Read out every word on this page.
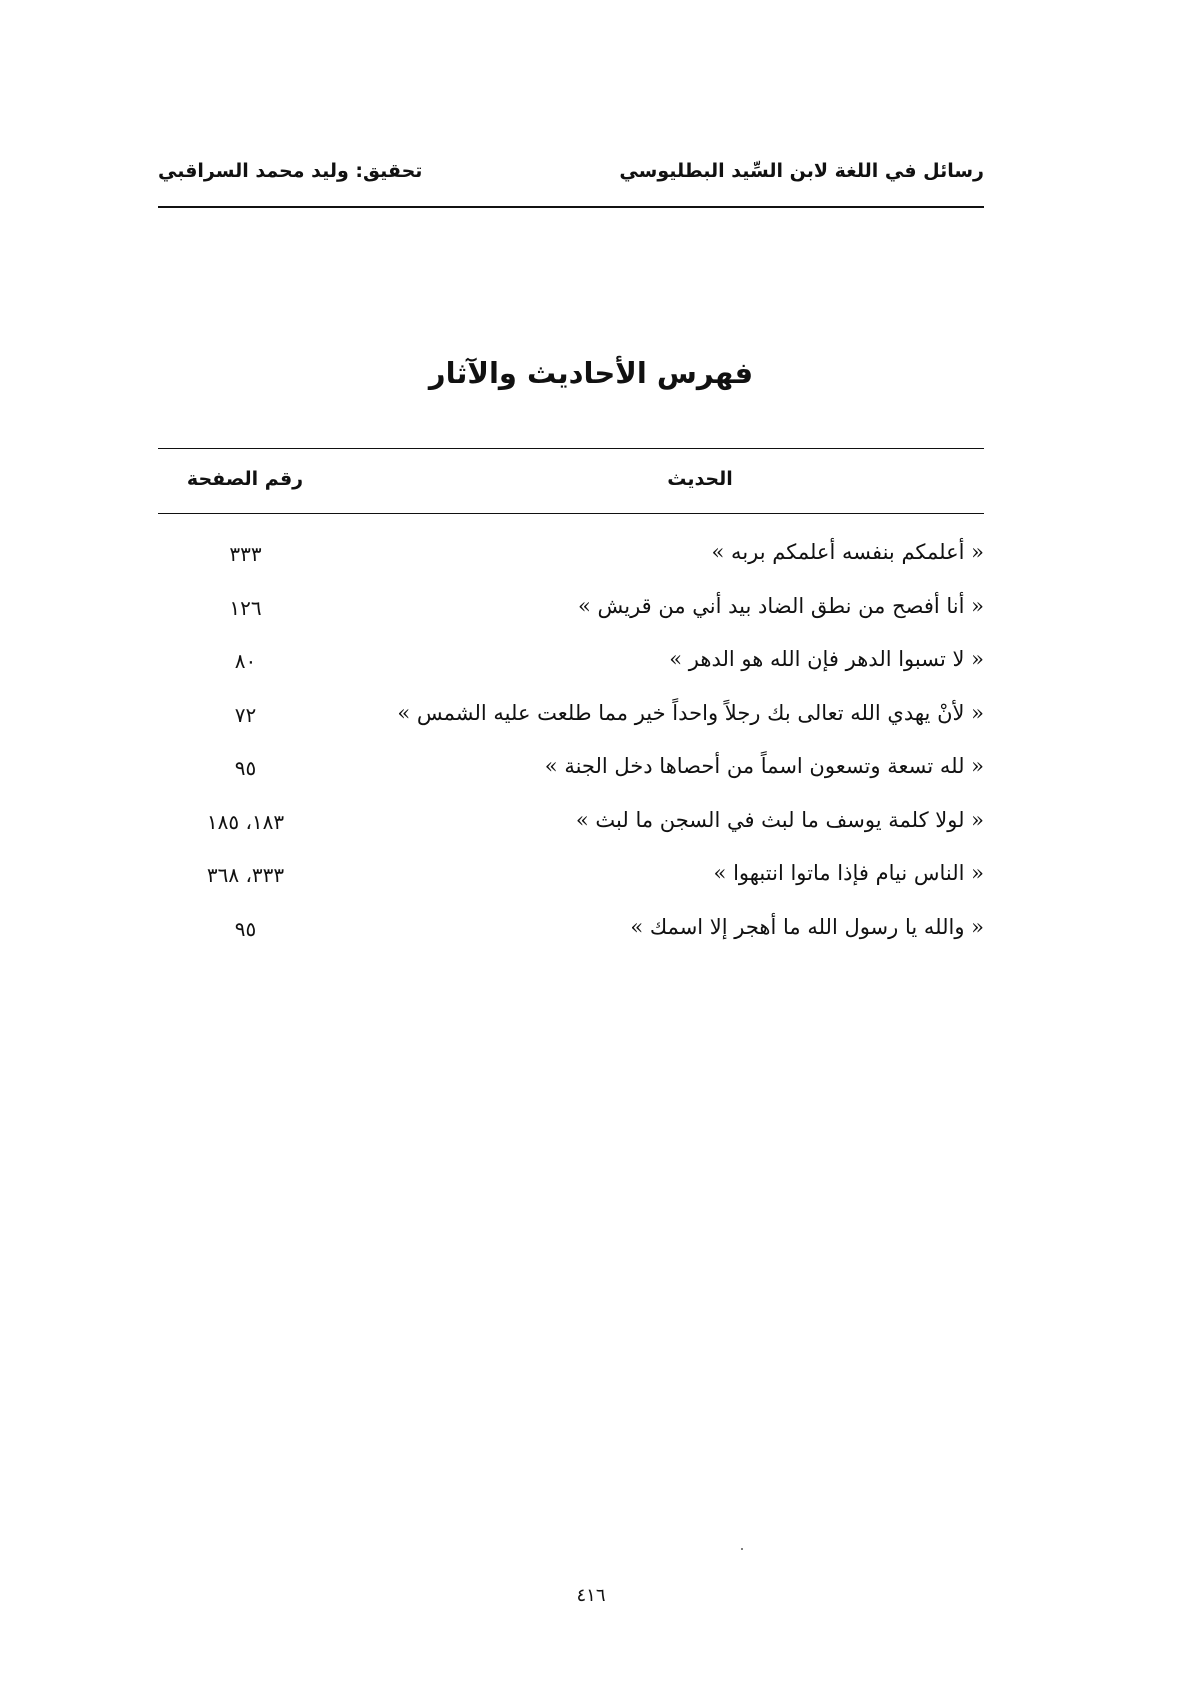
رسائل في اللغة لابن السِّيد البطليوسي
تحقيق: وليد محمد السراقبي
فهرس الأحاديث والآثار
الحديث
رقم الصفحة
« أعلمكم بنفسه أعلمكم بربه »
٣٣٣
« أنا أفصح من نطق الضاد بيد أني من قريش »
١٢٦
« لا تسبوا الدهر فإن الله هو الدهر »
٨٠
« لأنْ يهدي الله تعالى بك رجلاً واحداً خير مما طلعت عليه الشمس »
٧٢
« لله تسعة وتسعون اسماً من أحصاها دخل الجنة »
٩٥
« لولا كلمة يوسف ما لبث في السجن ما لبث »
١٨٣، ١٨٥
« الناس نيام فإذا ماتوا انتبهوا »
٣٣٣، ٣٦٨
« والله يا رسول الله ما أهجر إلا اسمك »
٩٥
٤١٦
